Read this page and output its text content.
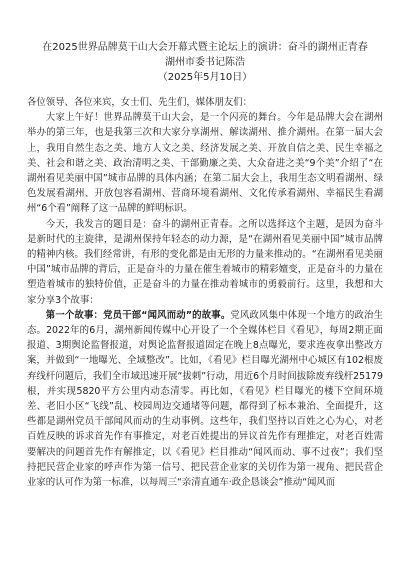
在2025世界品牌莫干山大会开幕式暨主论坛上的演讲：奋斗的湖州正青春
湖州市委书记陈浩
（2025年5月10日）
各位领导、各位来宾，女士们、先生们，媒体朋友们：

大家上午好！世界品牌莫干山大会，是一个闪亮的舞台。今年是品牌大会在湖州举办的第三年，也是我第三次和大家分享湖州、解读湖州、推介湖州。在第一届大会上，我用自然生态之美、地方人文之美、经济发展之美、开放自信之美、民生幸福之美、社会和谐之美、政治清明之美、干部勤廉之美、大众奋进之美“9个美”介绍了“在湖州看见美丽中国”城市品牌的具体内涵；在第二届大会上，我用生态文明看湖州、绿色发展看湖州、开放包容看湖州、营商环境看湖州、文化传承看湖州、幸福民生看湖州“6个看”阐释了这一品牌的鲜明标识。

今天，我发言的题目是：奋斗的湖州正青春。之所以选择这个主题，是因为奋斗是新时代的主旋律，是湖州保持年轻态的动力源，是“在湖州看见美丽中国”城市品牌的精神内核。我们经常讲，有形的变化都是由无形的力量来推动的。“在湖州看见美丽中国”城市品牌的背后，正是奋斗的力量在催生着城市的精彩嬗变，正是奋斗的力量在塑造着城市的独特价值，正是奋斗的力量在推动着城市的勇毅前行。这里，我想和大家分享3个故事：

第一个故事：党员干部“闻风而动”的故事。党风政风集中体现一个地方的政治生态。2022年的6月，湖州新闻传媒中心开设了一个全媒体栏目《看见》，每周2期正面报道、3期舆论监督报道，对舆论监督报道固定在晚上8点曝光，要求连夜拿出整改方案，并做到“一地曝光、全域整改”。比如，《看见》栏目曝光湖州中心城区有102根废弃线杆问题后，我们全市域迅速开展“拔刺”行动，用近6个月时间拔除废弃线杆25179根，并实现5820平方公里内动态清零。再比如，《看见》栏目曝光的楼下空间环境差、老旧小区“飞线”乱、校园周边交通堵等问题，都得到了标本兼治、全面提升，这些都是湖州党员干部闻风而动的生动事例。这些年，我们坚持以百姓之心为心，对老百姓反映的诉求首先作有事推定，对老百姓提出的异议首先作有理推定，对老百姓需要解决的问题首先作有解推定，以《看见》栏目推动“闻风而动、事不过夜”；我们坚持把民营企业家的呼声作为第一信号、把民营企业家的关切作为第一视角、把民营企业家的认可作为第一标准，以每周三“亲清直通车·政企恳谈会”推动“闻风而
